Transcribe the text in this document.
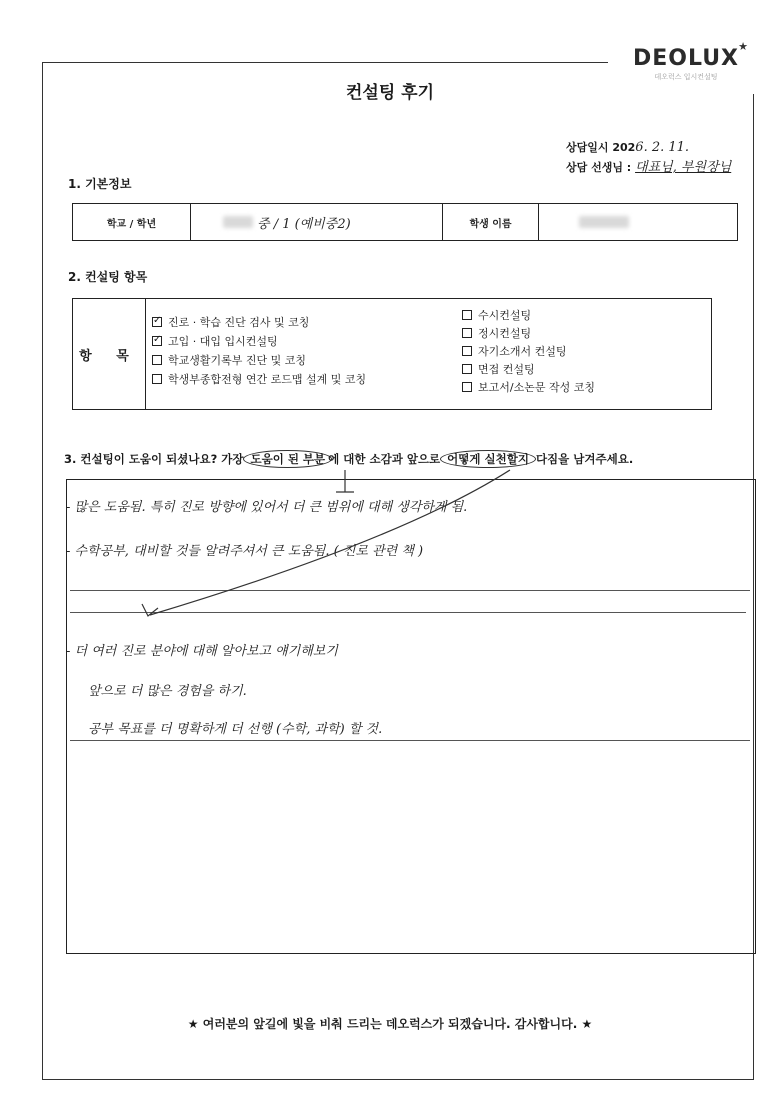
DEOLUX ★
데오럭스 입시컨설팅
컨설팅 후기
상담일시 2026. 2. 11.
상담 선생님 : 대표님, 부원장님
1. 기본정보
학교 / 학년	중 / 1 (예비중2)	학생 이름
2. 컨설팅 항목
항 목
✓진로 · 학습 진단 검사 및 코칭
✓고입 · 대입 입시컨설팅
학교생활기록부 진단 및 코칭
학생부종합전형 연간 로드맵 설계 및 코칭
수시컨설팅
정시컨설팅
자기소개서 컨설팅
면접 컨설팅
보고서/소논문 작성 코칭
3. 컨설팅이 도움이 되셨나요? 가장 도움이 된 부분 에 대한 소감과 앞으로 어떻게 실천할지 다짐을 남겨주세요.
- 많은 도움됨. 특히 진로 방향에 있어서 더 큰 범위에 대해 생각하게 됨.
- 수학공부, 대비할 것들 알려주셔서 큰 도움됨. ( 진로 관련 책 )
- 더 여러 진로 분야에 대해 알아보고 얘기해보기
앞으로 더 많은 경험을 하기.
공부 목표를 더 명확하게 더 선행 (수학, 과학) 할 것.
★ 여러분의 앞길에 빛을 비춰 드리는 데오럭스가 되겠습니다. 감사합니다. ★
